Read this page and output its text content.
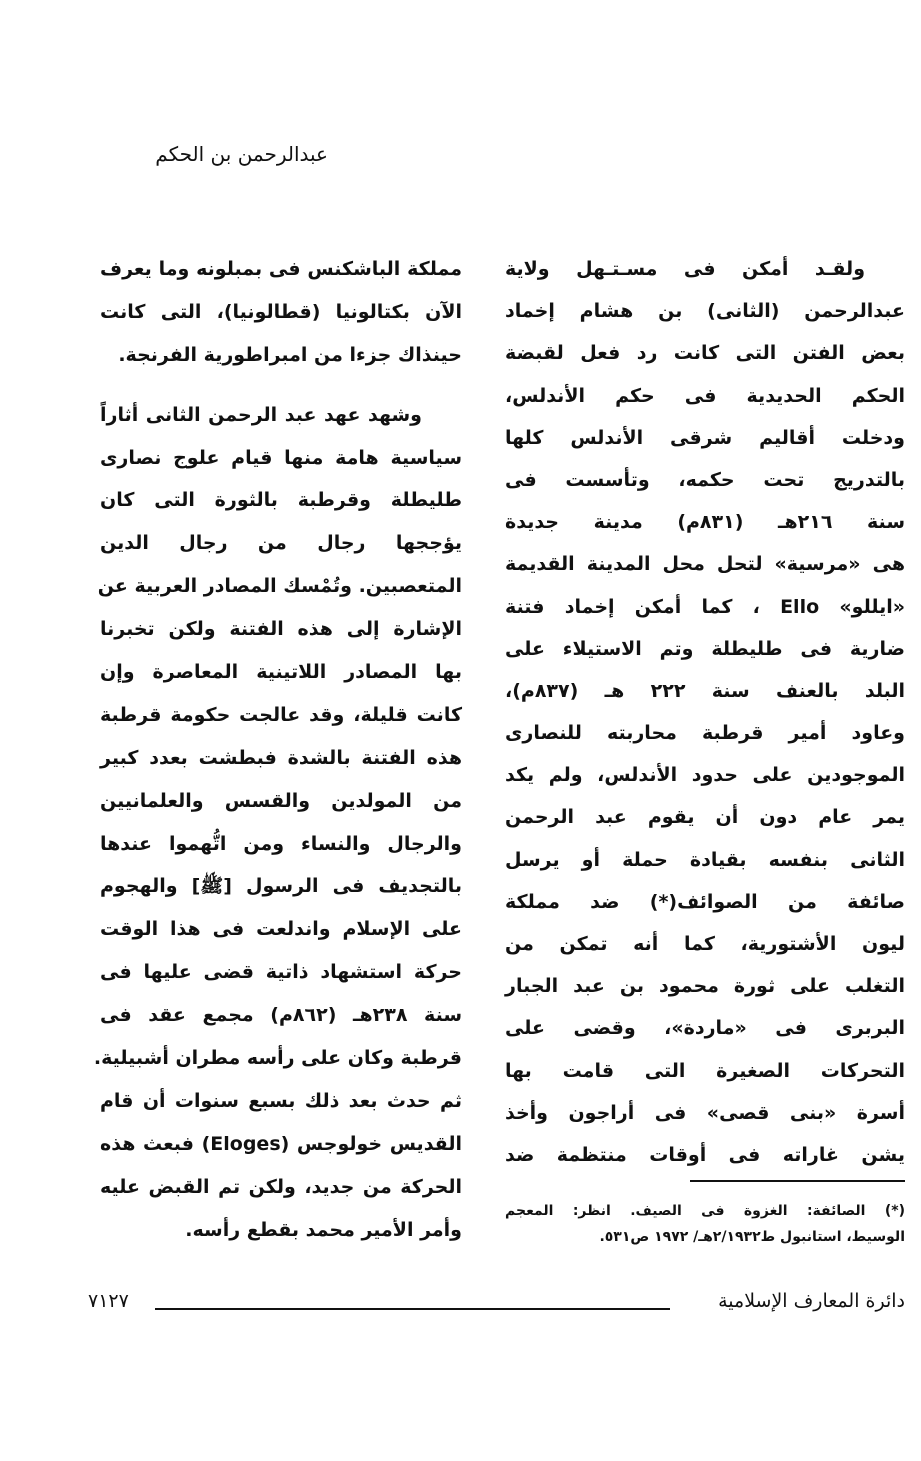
عبدالرحمن بن الحكم
ولقـد أمكن فى مسـتـهل ولاية
عبدالرحمن (الثانى) بن هشام إخماد
بعض الفتن التى كانت رد فعل لقبضة
الحكم الحديدية فى حكم الأندلس،
ودخلت أقاليم شرقى الأندلس كلها
بالتدريج تحت حكمه، وتأسست فى
سنة ٢١٦هـ (٨٣١م) مدينة جديدة
هى «مرسية» لتحل محل المدينة القديمة
«ايللو» Ello ، كما أمكن إخماد فتنة
ضارية فى طليطلة وتم الاستيلاء على
البلد بالعنف سنة ٢٢٢ هـ (٨٣٧م)،
وعاود أمير قرطبة محاربته للنصارى
الموجودين على حدود الأندلس، ولم يكد
يمر عام دون أن يقوم عبد الرحمن
الثانى بنفسه بقيادة حملة أو يرسل
صائفة من الصوائف(*) ضد مملكة
ليون الأشتورية، كما أنه تمكن من
التغلب على ثورة محمود بن عبد الجبار
البربرى فى «ماردة»، وقضى على
التحركات الصغيرة التى قامت بها
أسرة «بنى قصى» فى أراجون وأخذ
يشن غاراته فى أوقات منتظمة ضد
مملكة الباشكنس فى بمبلونه وما يعرف
الآن بكتالونيا (قطالونيا)، التى كانت
حينذاك جزءا من امبراطورية الفرنجة.
وشهد عهد عبد الرحمن الثانى أثاراً
سياسية هامة منها قيام علوج نصارى
طليطلة وقرطبة بالثورة التى كان
يؤججها رجال من رجال الدين
المتعصبين. وتُمْسك المصادر العربية عن
الإشارة إلى هذه الفتنة ولكن تخبرنا
بها المصادر اللاتينية المعاصرة وإن
كانت قليلة، وقد عالجت حكومة قرطبة
هذه الفتنة بالشدة فبطشت بعدد كبير
من المولدين والقسس والعلمانيين
والرجال والنساء ومن اتُّهموا عندها
بالتجديف فى الرسول [ﷺ] والهجوم
على الإسلام واندلعت فى هذا الوقت
حركة استشهاد ذاتية قضى عليها فى
سنة ٢٣٨هـ (٨٦٢م) مجمع عقد فى
قرطبة وكان على رأسه مطران أشبيلية.
ثم حدث بعد ذلك بسبع سنوات أن قام
القديس خولوجس (Eloges) فبعث هذه
الحركة من جديد، ولكن تم القبض عليه
وأمر الأمير محمد بقطع رأسه.
(*) الصائفة: الغزوة فى الصيف. انظر: المعجم
الوسيط، استانبول ط٢/١٩٣٢هـ/ ١٩٧٢ ص٥٣١.
دائرة المعارف الإسلامية
٧١٢٧
